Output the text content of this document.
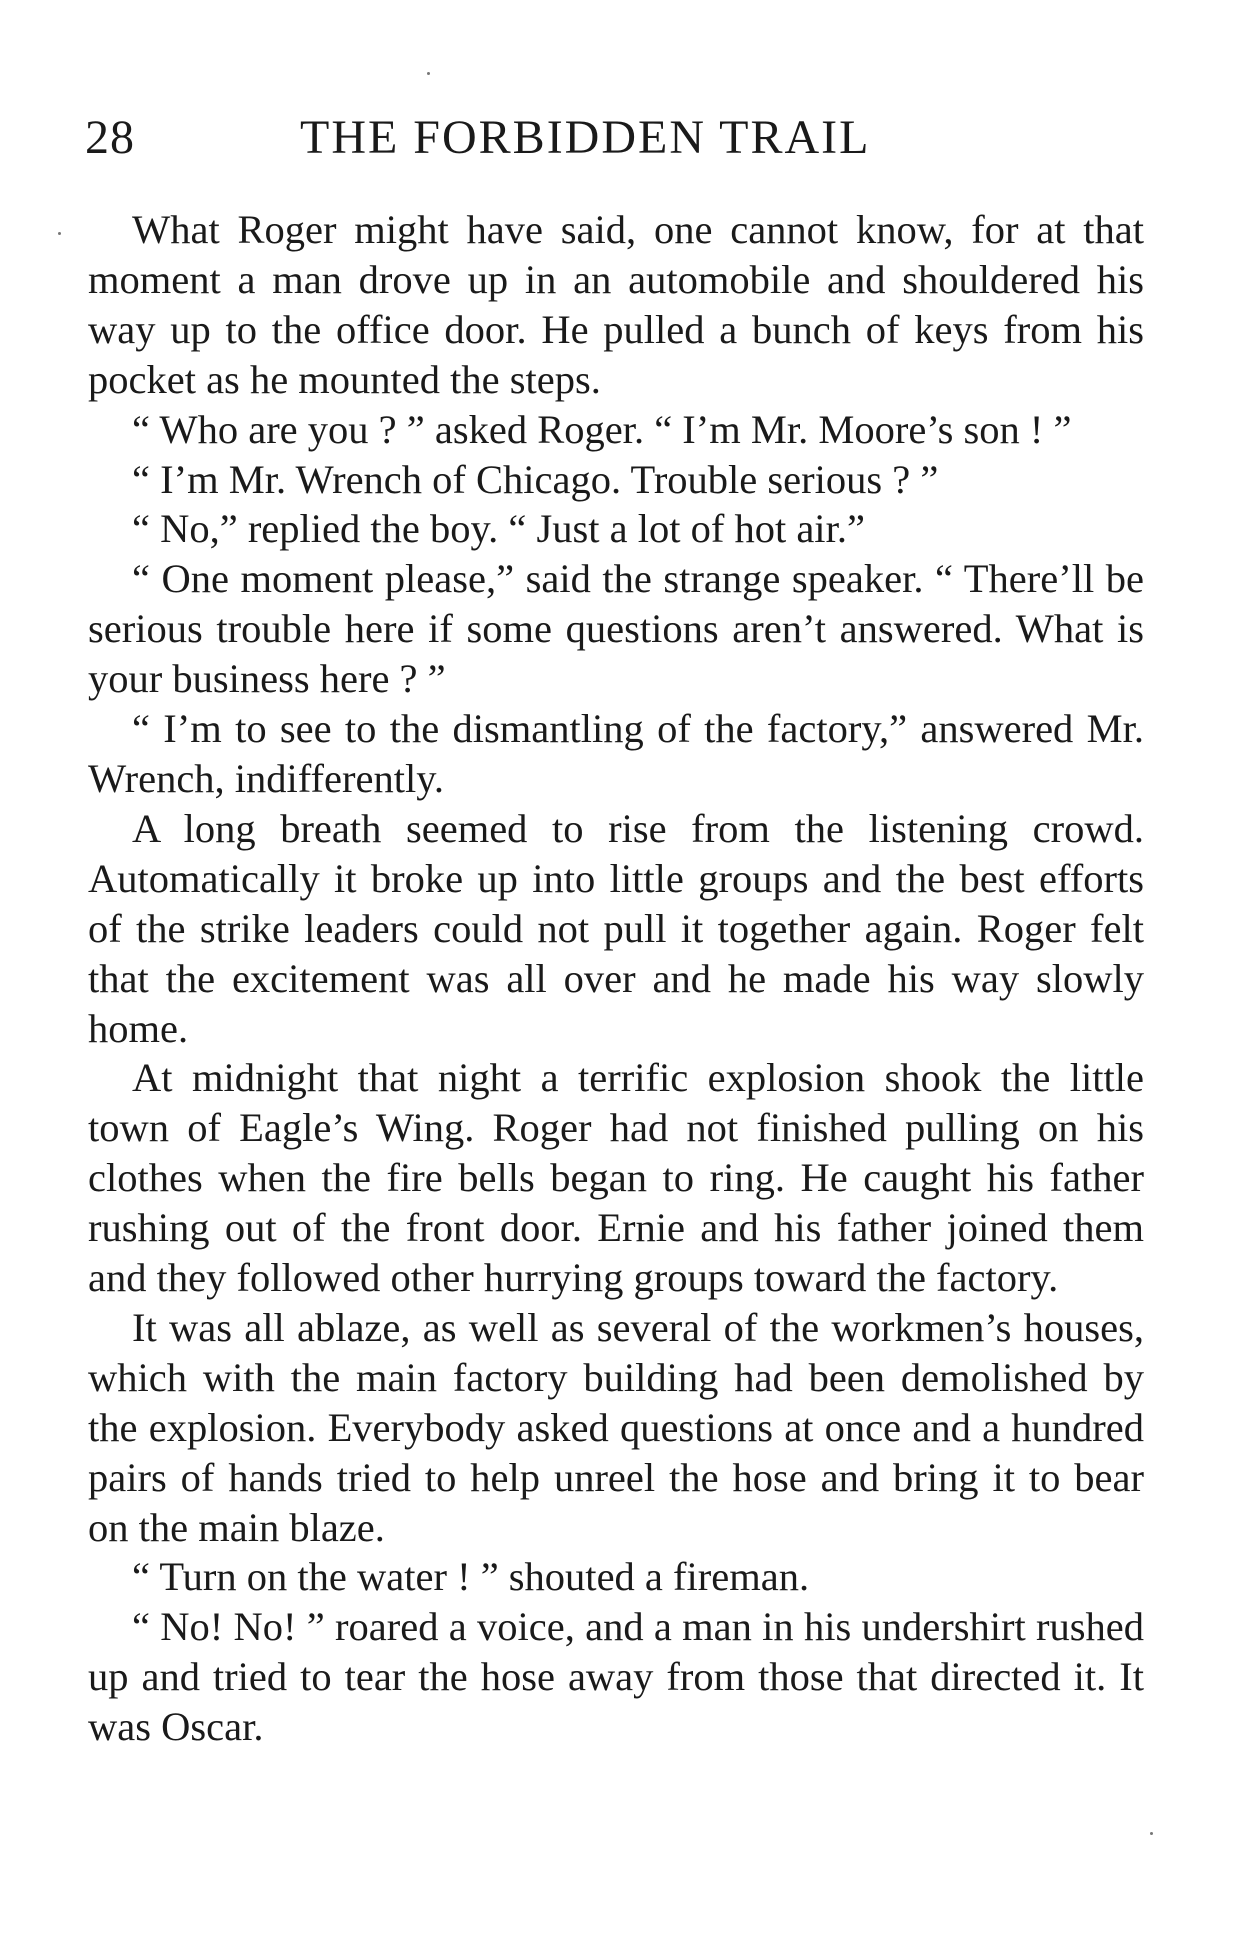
28	THE FORBIDDEN TRAIL

What Roger might have said, one cannot know, for at that moment a man drove up in an automobile and shouldered his way up to the office door. He pulled a bunch of keys from his pocket as he mounted the steps.

“ Who are you ? ” asked Roger. “ I’m Mr. Moore’s son ! ”

“ I’m Mr. Wrench of Chicago. Trouble serious ? ”

“ No,” replied the boy. “ Just a lot of hot air.”

“ One moment please,” said the strange speaker. “ There’ll be serious trouble here if some questions aren’t answered. What is your business here ? ”

“ I’m to see to the dismantling of the factory,” answered Mr. Wrench, indifferently.

A long breath seemed to rise from the listening crowd. Automatically it broke up into little groups and the best efforts of the strike leaders could not pull it together again. Roger felt that the excitement was all over and he made his way slowly home.

At midnight that night a terrific explosion shook the little town of Eagle’s Wing. Roger had not finished pulling on his clothes when the fire bells began to ring. He caught his father rushing out of the front door. Ernie and his father joined them and they followed other hurrying groups toward the factory.

It was all ablaze, as well as several of the workmen’s houses, which with the main factory building had been demolished by the explosion. Everybody asked questions at once and a hundred pairs of hands tried to help unreel the hose and bring it to bear on the main blaze.

“ Turn on the water ! ” shouted a fireman.

“ No! No! ” roared a voice, and a man in his undershirt rushed up and tried to tear the hose away from those that directed it. It was Oscar.
